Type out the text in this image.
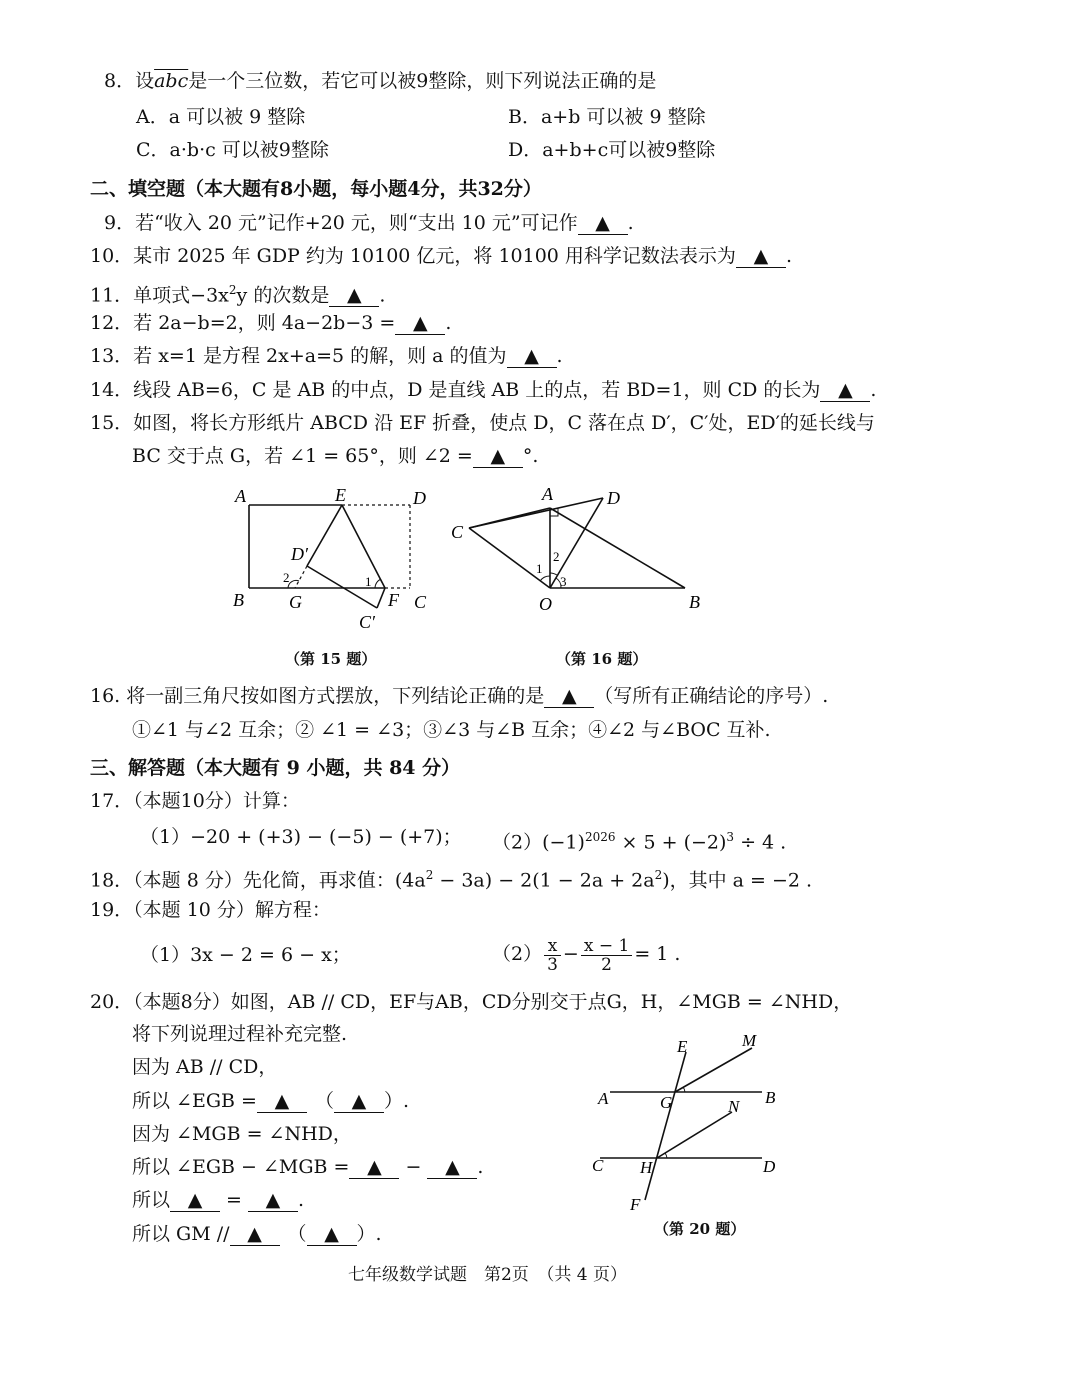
8．设$\overline{abc}$是一个三位数，若它可以被9整除，则下列说法正确的是
A．a 可以被 9 整除	B．a+b 可以被 9 整除
C．a·b·c 可以被9整除	D．a+b+c可以被9整除
二、填空题（本大题有8小题，每小题4分，共32分）
9．若“收入 20 元”记作+20 元，则“支出 10 元”可记作 ▲ .
10．某市 2025 年 GDP 约为 10100 亿元，将 10100 用科学记数法表示为 ▲ .
11．单项式$-3x^2y$ 的次数是 ▲ .
12．若 2a−b=2，则 4a−2b−3 = ▲ .
13．若 x=1 是方程 2x+a=5 的解，则 a 的值为 ▲ .
14．线段 AB=6，C 是 AB 的中点，D 是直线 AB 上的点，若 BD=1，则 CD 的长为 ▲ .
15．如图，将长方形纸片 ABCD 沿 EF 折叠，使点 D，C 落在点 D′，C′处，ED′的延长线与
BC 交于点 G，若 ∠1 = 65°，则 ∠2 = ▲ °.
A	E	D
D′
B	G	F C
C′
2	1
（第 15 题）
A	D
C
O	B
1
2
3
（第 16 题）
16. 将一副三角尺按如图方式摆放，下列结论正确的是 ▲ （写所有正确结论的序号）.
①∠1 与∠2 互余；② ∠1 = ∠3；③∠3 与∠B 互余；④∠2 与∠BOC 互补.
三、解答题（本大题有 9 小题，共 84 分）
17．（本题10分）计算：
（1）−20 + (+3) − (−5) − (+7)； $(2)(-1)^{2026} \times 5 + (-2)^3 \div 4$ .
18．（本题 8 分）先化简，再求值：$(4a^2 - 3a) - 2(1 - 2a + 2a^2)$，其中 a = −2 .
19．（本题 10 分）解方程：
（1）3x − 2 = 6 − x；	$(2) \frac{x}{3} - \frac{x - 1}{2} = 1$ .
20．（本题8分）如图，AB // CD，EF与AB，CD分别交于点G，H，∠MGB = ∠NHD，
将下列说理过程补充完整.
因为 AB // CD，
所以 ∠EGB = ▲ （ ▲ ）.
因为 ∠MGB = ∠NHD，
所以 ∠EGB − ∠MGB = ▲ − ▲ .
所以 ▲ = ▲ .
所以 GM // ▲ （ ▲ ）.
E	M
A	G	N B
C H	D
F
（第 20 题）
七年级数学试题　第2页　（共 4 页）
